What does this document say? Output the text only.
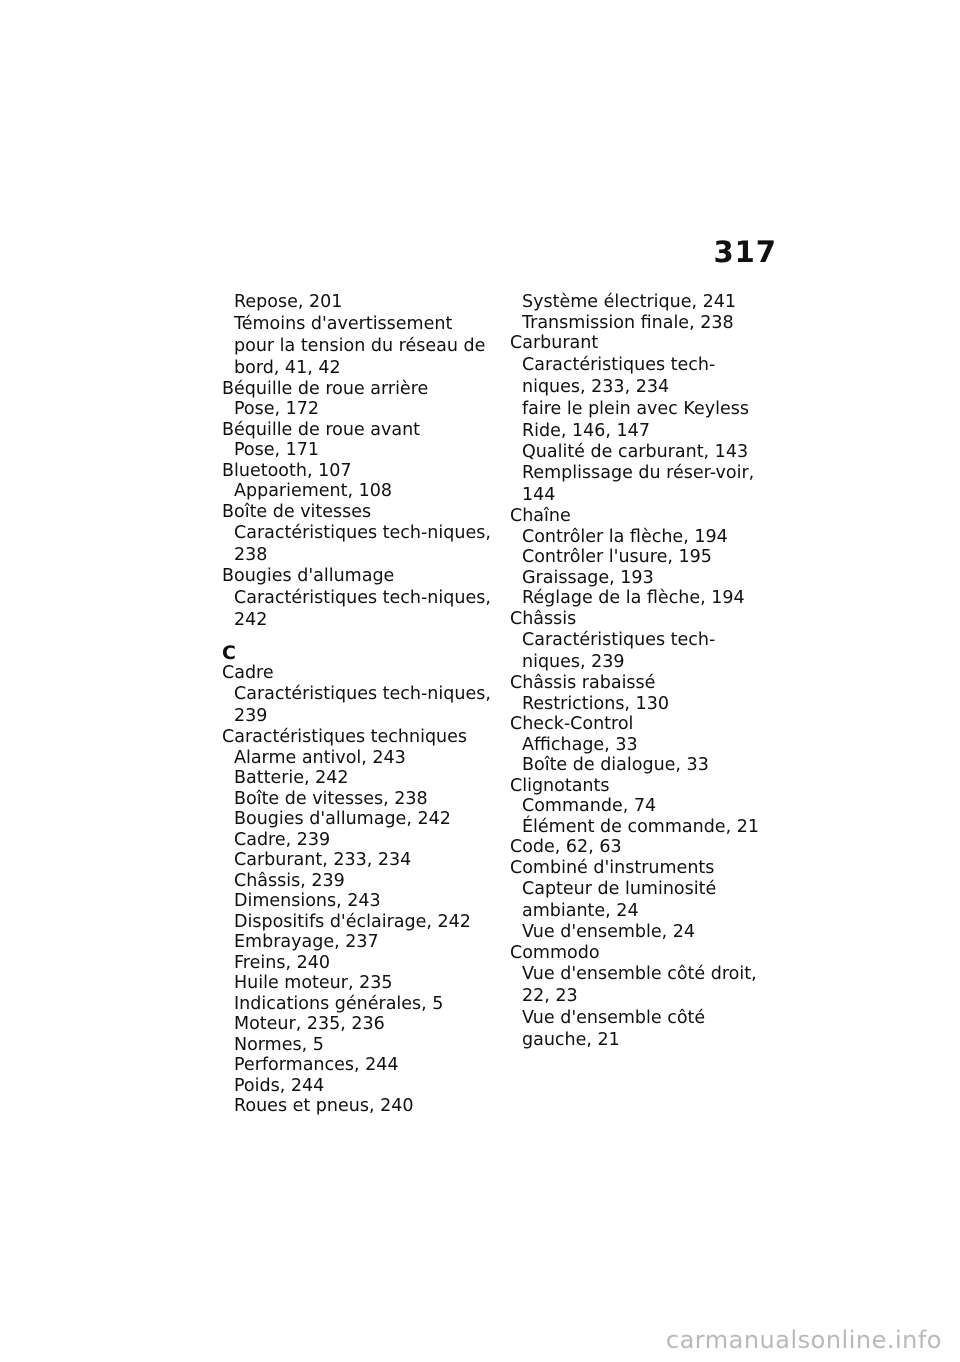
317
Repose, 201
Témoins d'avertissement pour la tension du réseau de bord, 41, 42
Béquille de roue arrière
Pose, 172
Béquille de roue avant
Pose, 171
Bluetooth, 107
Appariement, 108
Boîte de vitesses
Caractéristiques tech-niques, 238
Bougies d'allumage
Caractéristiques tech-niques, 242
C
Cadre
Caractéristiques tech-niques, 239
Caractéristiques techniques
Alarme antivol, 243
Batterie, 242
Boîte de vitesses, 238
Bougies d'allumage, 242
Cadre, 239
Carburant, 233, 234
Châssis, 239
Dimensions, 243
Dispositifs d'éclairage, 242
Embrayage, 237
Freins, 240
Huile moteur, 235
Indications générales, 5
Moteur, 235, 236
Normes, 5
Performances, 244
Poids, 244
Roues et pneus, 240
Système électrique, 241
Transmission finale, 238
Carburant
Caractéristiques tech-niques, 233, 234
faire le plein avec Keyless Ride, 146, 147
Qualité de carburant, 143
Remplissage du réser-voir, 144
Chaîne
Contrôler la flèche, 194
Contrôler l'usure, 195
Graissage, 193
Réglage de la flèche, 194
Châssis
Caractéristiques tech-niques, 239
Châssis rabaissé
Restrictions, 130
Check-Control
Affichage, 33
Boîte de dialogue, 33
Clignotants
Commande, 74
Élément de commande, 21
Code, 62, 63
Combiné d'instruments
Capteur de luminosité ambiante, 24
Vue d'ensemble, 24
Commodo
Vue d'ensemble côté droit, 22, 23
Vue d'ensemble côté gauche, 21
carmanualsonline.info
